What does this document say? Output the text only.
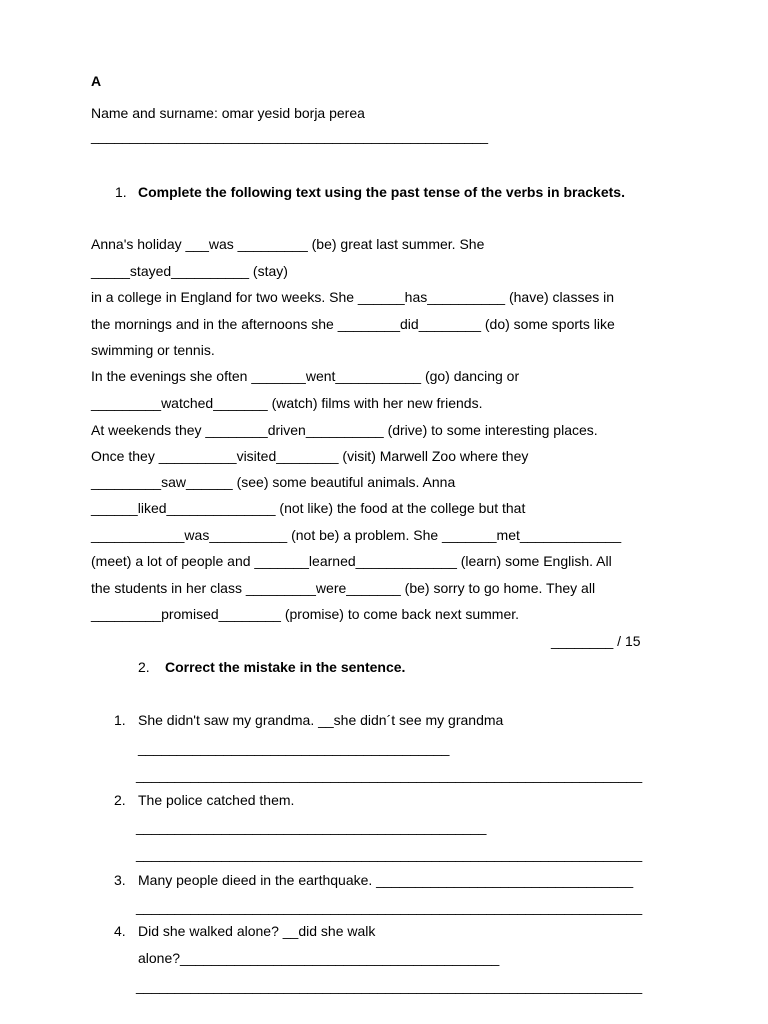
A
Name and surname: omar yesid borja perea
___________________________________________________
1. Complete the following text using the past tense of the verbs in brackets.
Anna's holiday ___was _________ (be) great last summer. She
_____stayed__________ (stay)
in a college in England for two weeks. She ______has__________ (have) classes in
the mornings and in the afternoons she ________did________ (do) some sports like
swimming or tennis.
In the evenings she often _______went___________ (go) dancing or
_________watched_______ (watch) films with her new friends.
At weekends they ________driven__________ (drive) to some interesting places.
Once they __________visited________ (visit) Marwell Zoo where they
_________saw______ (see) some beautiful animals. Anna
______liked______________ (not like) the food at the college but that
____________was__________ (not be) a problem. She _______met_____________
(meet) a lot of people and _______learned_____________ (learn) some English. All
the students in her class _________were_______ (be) sorry to go home. They all
_________promised________ (promise) to come back next summer.
________ / 15
2.	Correct the mistake in the sentence.
1. She didn't saw my grandma. __she didn´t see my grandma
________________________________________
_________________________________________________________________
2. The police catched them.
_____________________________________________
_________________________________________________________________
3. Many people dieed in the earthquake. _________________________________
_________________________________________________________________
4. Did she walked alone? __did she walk
alone?_________________________________________
_________________________________________________________________
